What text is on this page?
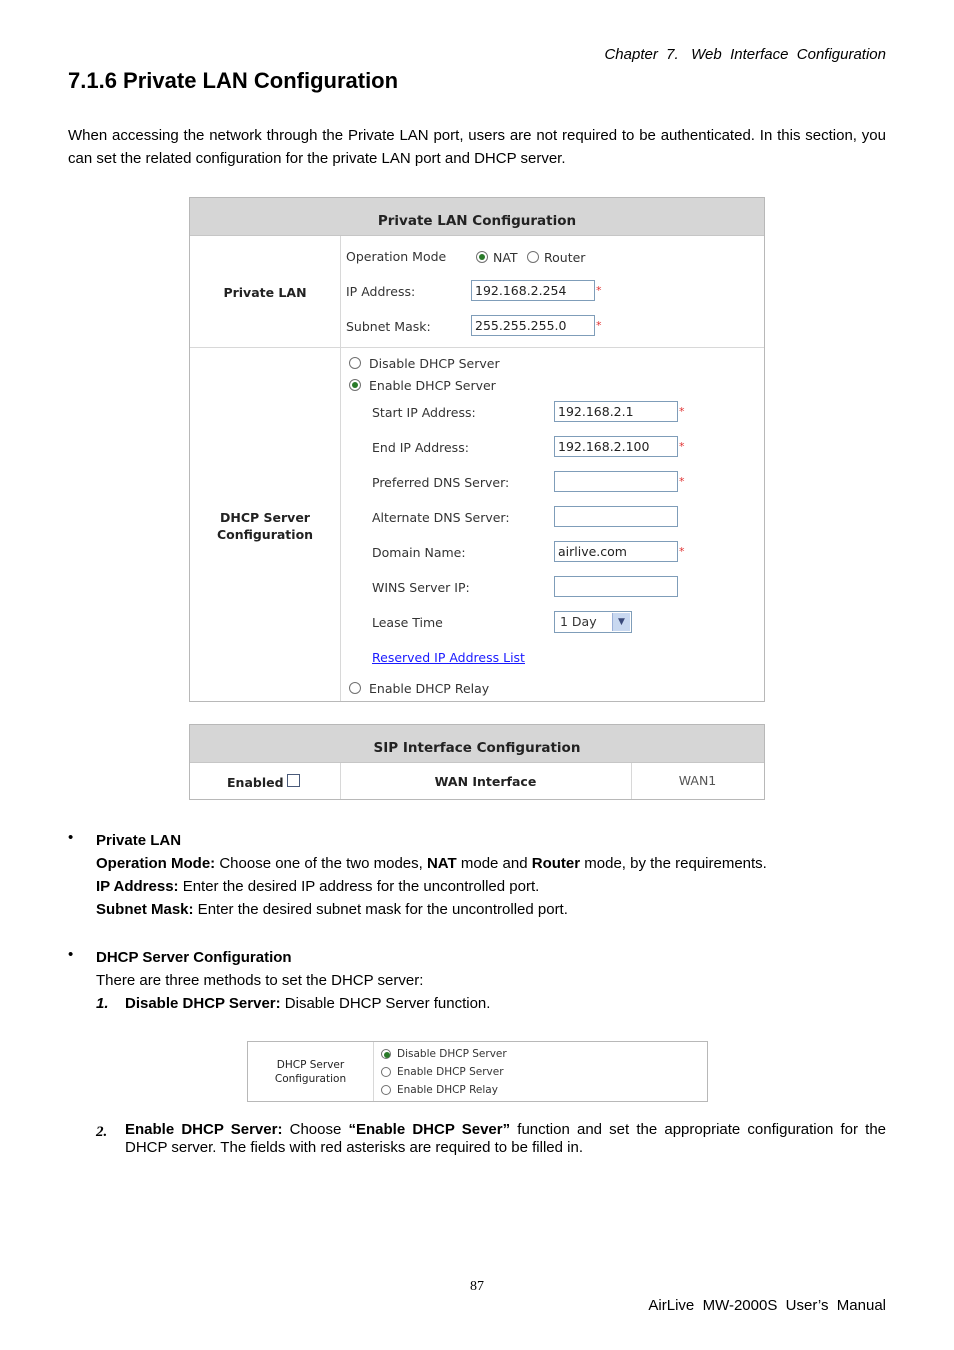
Chapter  7.   Web  Interface  Configuration
7.1.6 Private LAN Configuration
When accessing the network through the Private LAN port, users are not required to be authenticated. In this section, you can set the related configuration for the private LAN port and DHCP server.
Private LAN Configuration
Private LAN
Operation Mode	NAT Router
IP Address:	192.168.2.254	*
Subnet Mask:	255.255.255.0	*
DHCP Server
Configuration
Disable DHCP Server
Enable DHCP Server
Start IP Address:	192.168.2.1	*
End IP Address:	192.168.2.100	*
Preferred DNS Server:	*
Alternate DNS Server:
Domain Name:	airlive.com	*
WINS Server IP:
Lease Time	1 Day	▼
Reserved IP Address List
Enable DHCP Relay
SIP Interface Configuration
Enabled	WAN Interface	WAN1
• Private LAN
Operation Mode: Choose one of the two modes, NAT mode and Router mode, by the requirements.
IP Address: Enter the desired IP address for the uncontrolled port.
Subnet Mask: Enter the desired subnet mask for the uncontrolled port.
• DHCP Server Configuration
There are three methods to set the DHCP server:
1. Disable DHCP Server: Disable DHCP Server function.
DHCP Server
Configuration
Disable DHCP Server
Enable DHCP Server
Enable DHCP Relay
2. Enable DHCP Server: Choose “Enable DHCP Sever” function and set the appropriate configuration for the DHCP server. The fields with red asterisks are required to be filled in.
87
AirLive  MW-2000S  User’s  Manual
